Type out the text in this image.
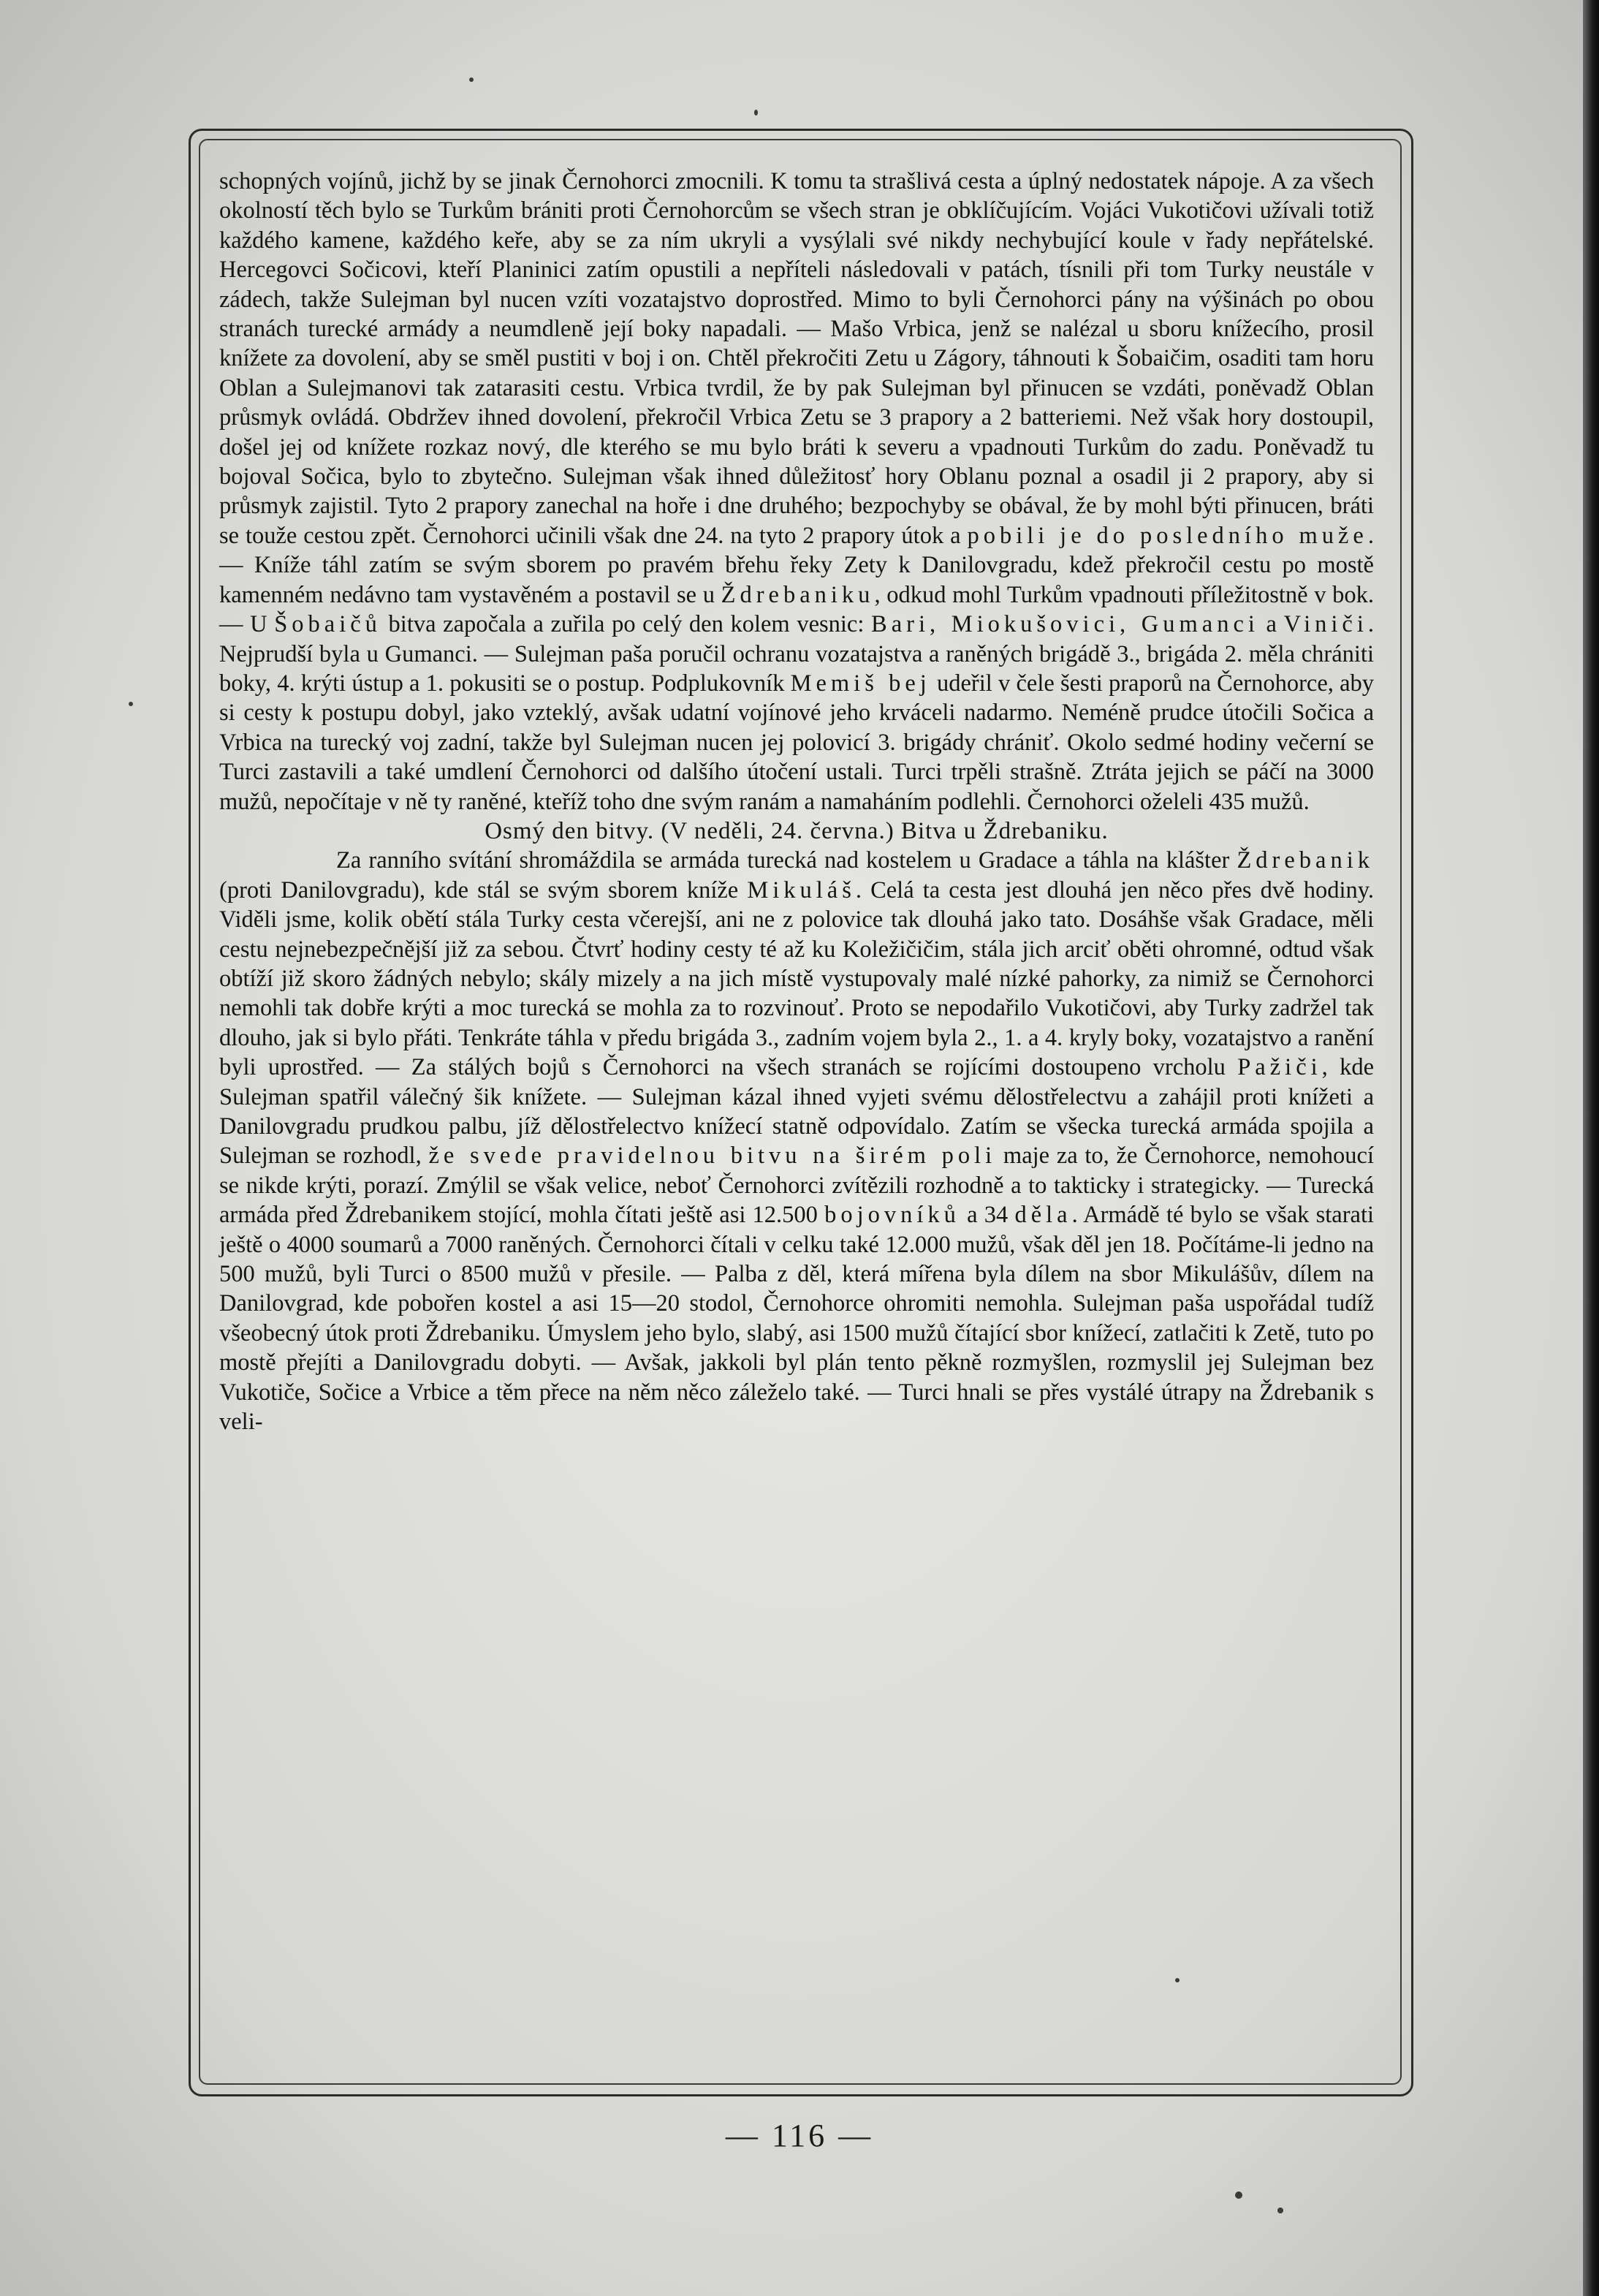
schopných vojínů, jichž by se jinak Černohorci zmocnili. K tomu ta strašlivá cesta a úplný nedostatek nápoje. A za všech okolností těch bylo se Turkům brániti proti Černohorcům se všech stran je obklíčujícím. Vojáci Vukotičovi užívali totiž každého kamene, každého keře, aby se za ním ukryli a vysýlali své nikdy nechybující koule v řady nepřátelské. Hercegovci Sočicovi, kteří Planinici zatím opustili a nepříteli následovali v patách, tísnili při tom Turky neustále v zádech, takže Sulejman byl nucen vzíti vozatajstvo doprostřed. Mimo to byli Černohorci pány na výšinách po obou stranách turecké armády a neumdleně její boky napadali. — Mašo Vrbica, jenž se nalézal u sboru knížecího, prosil knížete za dovolení, aby se směl pustiti v boj i on. Chtěl překročiti Zetu u Zágory, táhnouti k Šobaičim, osaditi tam horu Oblan a Sulejmanovi tak zatarasiti cestu. Vrbica tvrdil, že by pak Sulejman byl přinucen se vzdáti, poněvadž Oblan průsmyk ovládá. Obdržev ihned dovolení, překročil Vrbica Zetu se 3 prapory a 2 batteriemi. Než však hory dostoupil, došel jej od knížete rozkaz nový, dle kterého se mu bylo bráti k severu a vpadnouti Turkům do zadu. Poněvadž tu bojoval Sočica, bylo to zbytečno. Sulejman však ihned důležitosť hory Oblanu poznal a osadil ji 2 prapory, aby si průsmyk zajistil. Tyto 2 prapory zanechal na hoře i dne druhého; bezpochyby se obával, že by mohl býti přinucen, bráti se touže cestou zpět. Černohorci učinili však dne 24. na tyto 2 prapory útok a pobili je do posledního muže. — Kníže táhl zatím se svým sborem po pravém břehu řeky Zety k Danilovgradu, kdež překročil cestu po mostě kamenném nedávno tam vystavěném a postavil se u Ždrebaniku, odkud mohl Turkům vpadnouti příležitostně v bok. — U Šobaičů bitva započala a zuřila po celý den kolem vesnic: Bari, Miokušovici, Gumanci a Viniči. Nejprudší byla u Gumanci. — Sulejman paša poručil ochranu vozatajstva a raněných brigádě 3., brigáda 2. měla chrániti boky, 4. krýti ústup a 1. pokusiti se o postup. Podplukovník Memiš bej udeřil v čele šesti praporů na Černohorce, aby si cesty k postupu dobyl, jako vzteklý, avšak udatní vojínové jeho krváceli nadarmo. Neméně prudce útočili Sočica a Vrbica na turecký voj zadní, takže byl Sulejman nucen jej polovicí 3. brigády chrániť. Okolo sedmé hodiny večerní se Turci zastavili a také umdlení Černohorci od dalšího útočení ustali. Turci trpěli strašně. Ztráta jejich se páčí na 3000 mužů, nepočítaje v ně ty raněné, kteříž toho dne svým ranám a namaháním podlehli. Černohorci oželeli 435 mužů.

Osmý den bitvy. (V neděli, 24. června.) Bitva u Ždrebaniku.

Za ranního svítání shromáždila se armáda turecká nad kostelem u Gradace a táhla na klášter Ždrebanik (proti Danilovgradu), kde stál se svým sborem kníže Mikuláš. Celá ta cesta jest dlouhá jen něco přes dvě hodiny. Viděli jsme, kolik obětí stála Turky cesta včerejší, ani ne z polovice tak dlouhá jako tato. Dosáhše však Gradace, měli cestu nejnebezpečnější již za sebou. Čtvrť hodiny cesty té až ku Koležičičim, stála jich arciť oběti ohromné, odtud však obtíží již skoro žádných nebylo; skály mizely a na jich místě vystupovaly malé nízké pahorky, za nimiž se Černohorci nemohli tak dobře krýti a moc turecká se mohla za to rozvinouť. Proto se nepodařilo Vukotičovi, aby Turky zadržel tak dlouho, jak si bylo přáti. Tenkráte táhla v předu brigáda 3., zadním vojem byla 2., 1. a 4. kryly boky, vozatajstvo a ranění byli uprostřed. — Za stálých bojů s Černohorci na všech stranách se rojícími dostoupeno vrcholu Pažiči, kde Sulejman spatřil válečný šik knížete. — Sulejman kázal ihned vyjeti svému dělostřelectvu a zahájil proti knížeti a Danilovgradu prudkou palbu, jíž dělostřelectvo knížecí statně odpovídalo. Zatím se všecka turecká armáda spojila a Sulejman se rozhodl, že svede pravidelnou bitvu na širém poli maje za to, že Černohorce, nemohoucí se nikde krýti, porazí. Zmýlil se však velice, neboť Černohorci zvítězili rozhodně a to takticky i strategicky. — Turecká armáda před Ždrebanikem stojící, mohla čítati ještě asi 12.500 bojovníků a 34 děla. Armádě té bylo se však starati ještě o 4000 soumarů a 7000 raněných. Černohorci čítali v celku také 12.000 mužů, však děl jen 18. Počítáme-li jedno na 500 mužů, byli Turci o 8500 mužů v přesile. — Palba z děl, která mířena byla dílem na sbor Mikulášův, dílem na Danilovgrad, kde pobořen kostel a asi 15—20 stodol, Černohorce ohromiti nemohla. Sulejman paša uspořádal tudíž všeobecný útok proti Ždrebaniku. Úmyslem jeho bylo, slabý, asi 1500 mužů čítající sbor knížecí, zatlačiti k Zetě, tuto po mostě přejíti a Danilovgradu dobyti. — Avšak, jakkoli byl plán tento pěkně rozmyšlen, rozmyslil jej Sulejman bez Vukotiče, Sočice a Vrbice a těm přece na něm něco záleželo také. — Turci hnali se přes vystálé útrapy na Ždrebanik s veli-

— 116 —
